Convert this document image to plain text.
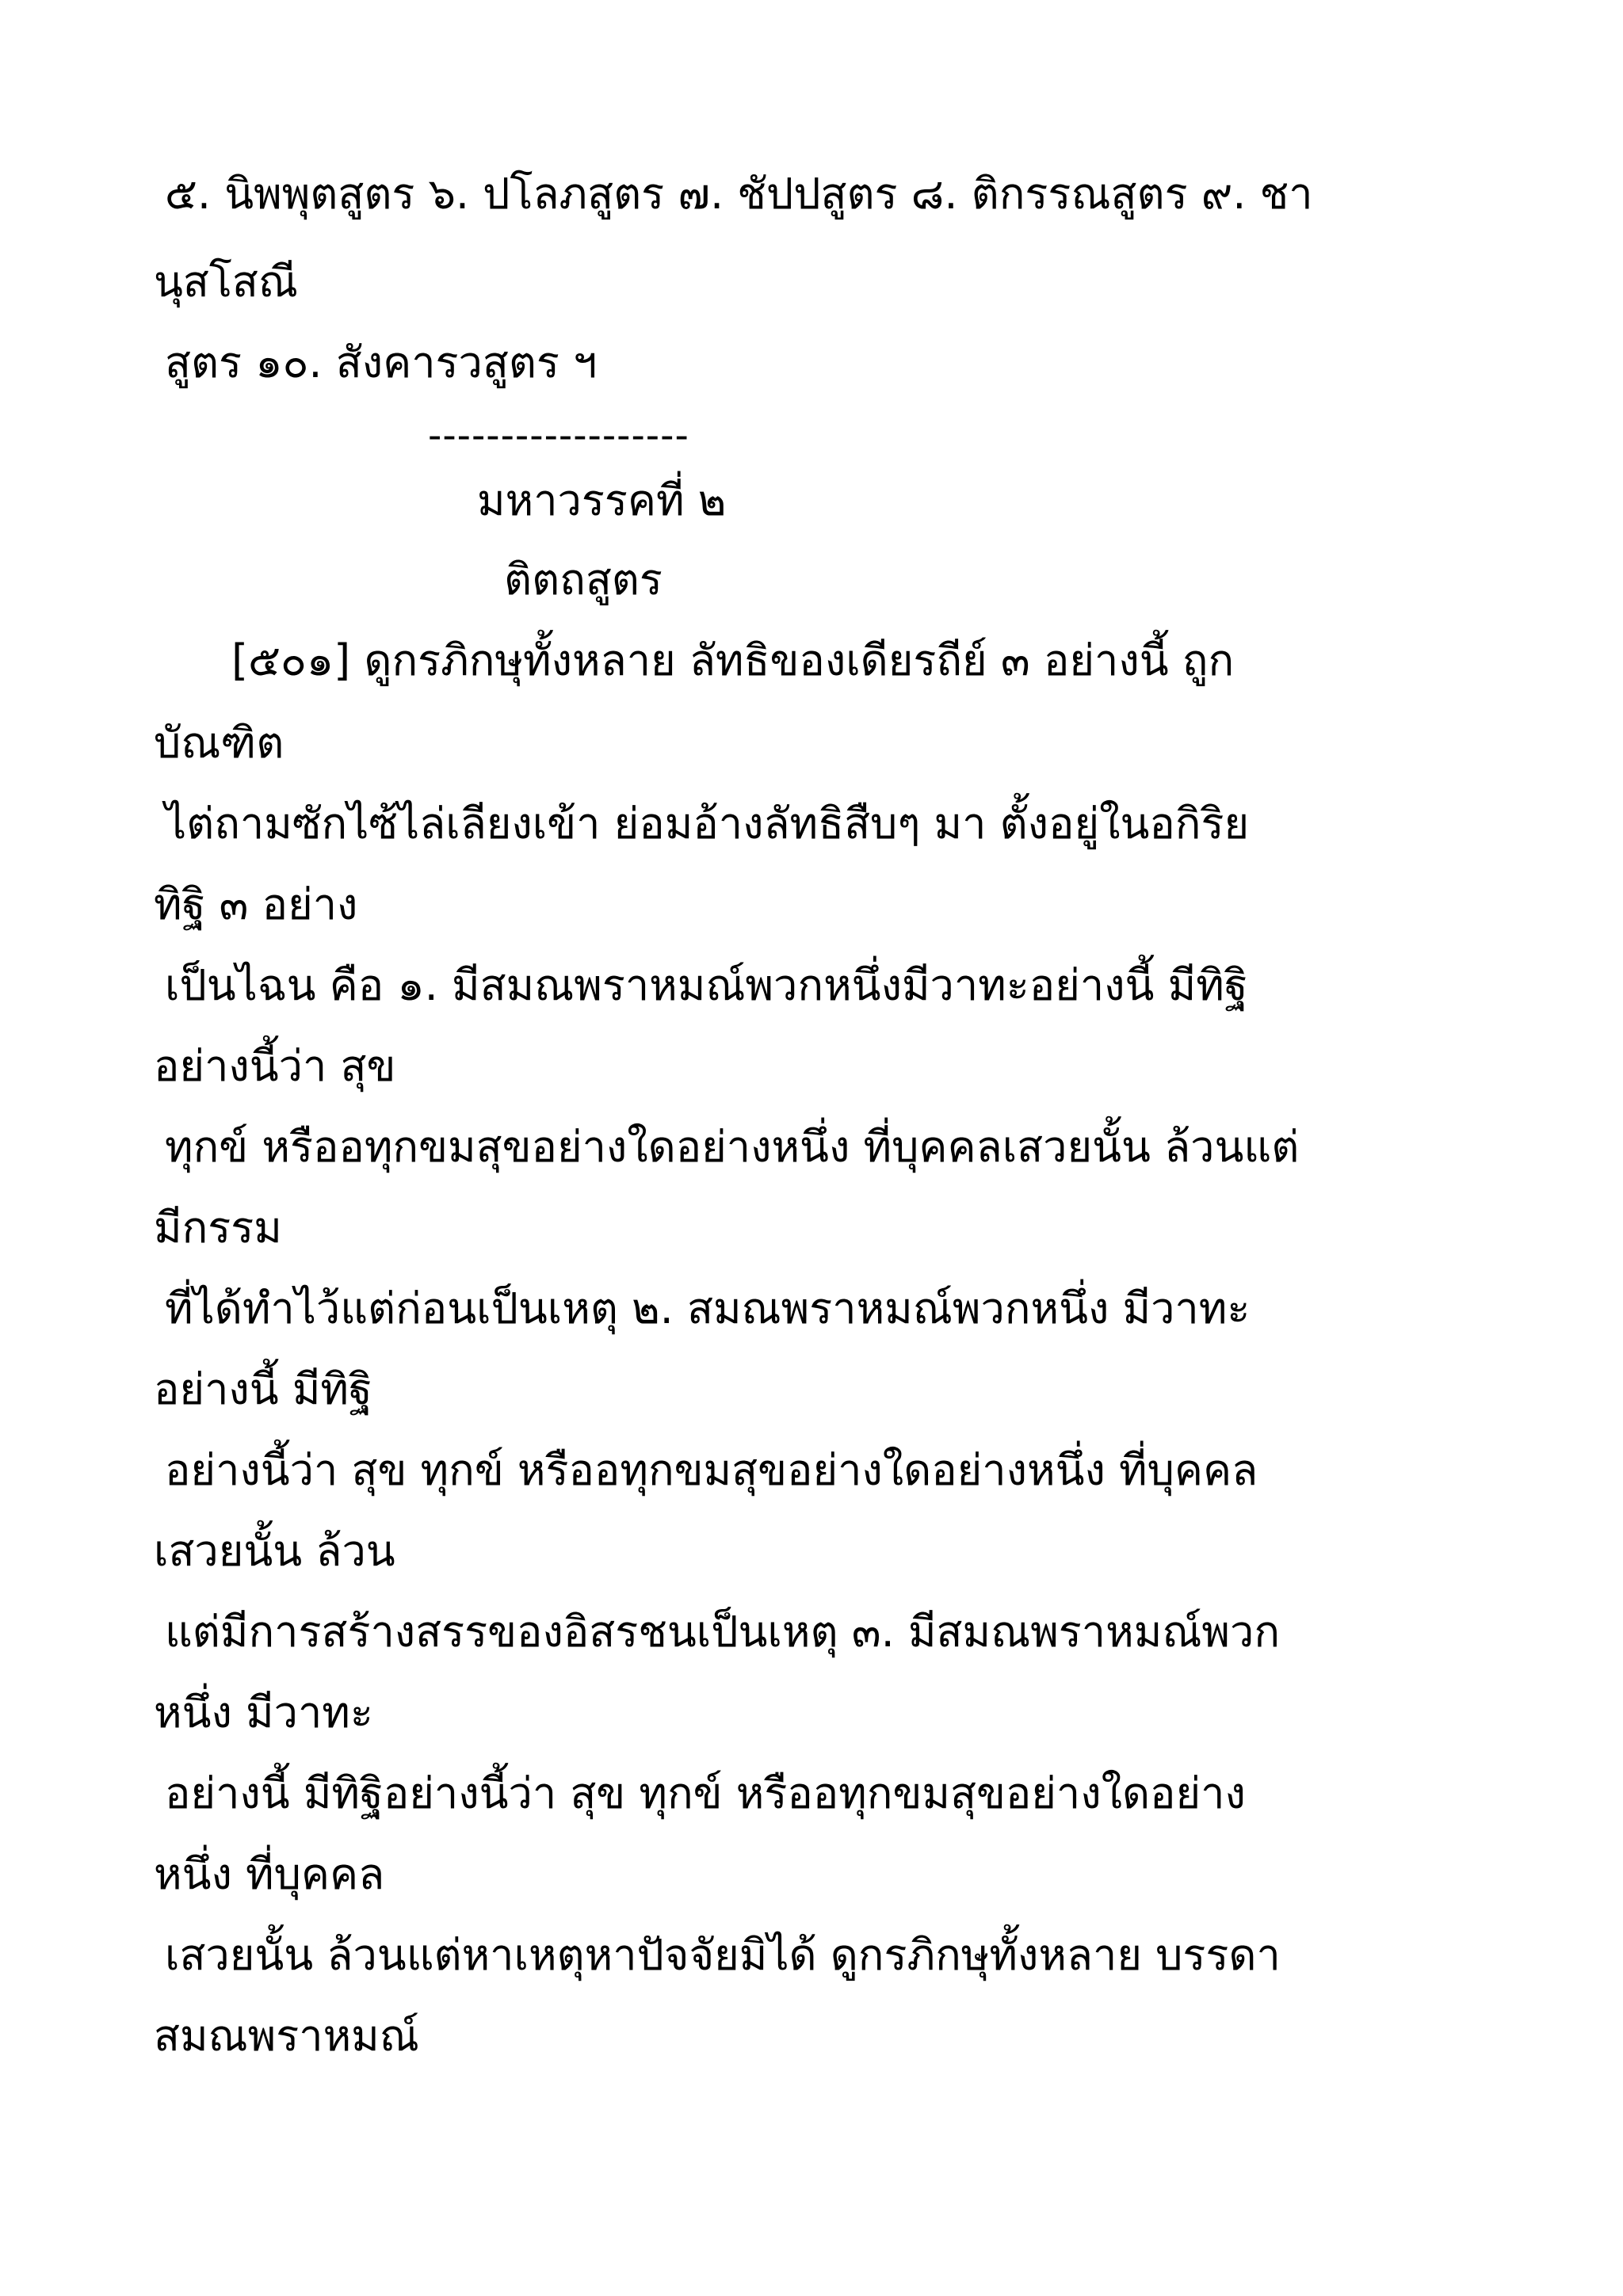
๕. นิพพุตสูตร ๖. ปโลภสูตร ๗. ชัปปสูตร ๘. ติกรรณสูตร ๙. ชา
นุสโสณี
สูตร ๑๐. สังคารวสูตร ฯ
------------------
มหาวรรคที่ ๒
ติตถสูตร
[๕๐๑] ดูกรภิกษุทั้งหลาย ลัทธิของเดียรถีย์ ๓ อย่างนี้ ถูก
บัณฑิต
ไต่ถามซักไซ้ไล่เลียงเข้า ย่อมอ้างลัทธิสืบๆ มา ตั้งอยู่ในอกิริย
ทิฐิ ๓ อย่าง
เป็นไฉน คือ ๑. มีสมณพราหมณ์พวกหนึ่งมีวาทะอย่างนี้ มีทิฐิ
อย่างนี้ว่า สุข
ทุกข์ หรืออทุกขมสุขอย่างใดอย่างหนึ่ง ที่บุคคลเสวยนั้น ล้วนแต่
มีกรรม
ที่ได้ทำไว้แต่ก่อนเป็นเหตุ ๒. สมณพราหมณ์พวกหนึ่ง มีวาทะ
อย่างนี้ มีทิฐิ
อย่างนี้ว่า สุข ทุกข์ หรืออทุกขมสุขอย่างใดอย่างหนึ่ง ที่บุคคล
เสวยนั้น ล้วน
แต่มีการสร้างสรรของอิสรชนเป็นเหตุ ๓. มีสมณพราหมณ์พวก
หนึ่ง มีวาทะ
อย่างนี้ มีทิฐิอย่างนี้ว่า สุข ทุกข์ หรืออทุกขมสุขอย่างใดอย่าง
หนึ่ง ที่บุคคล
เสวยนั้น ล้วนแต่หาเหตุหาปัจจัยมิได้ ดูกรภิกษุทั้งหลาย บรรดา
สมณพราหมณ์
